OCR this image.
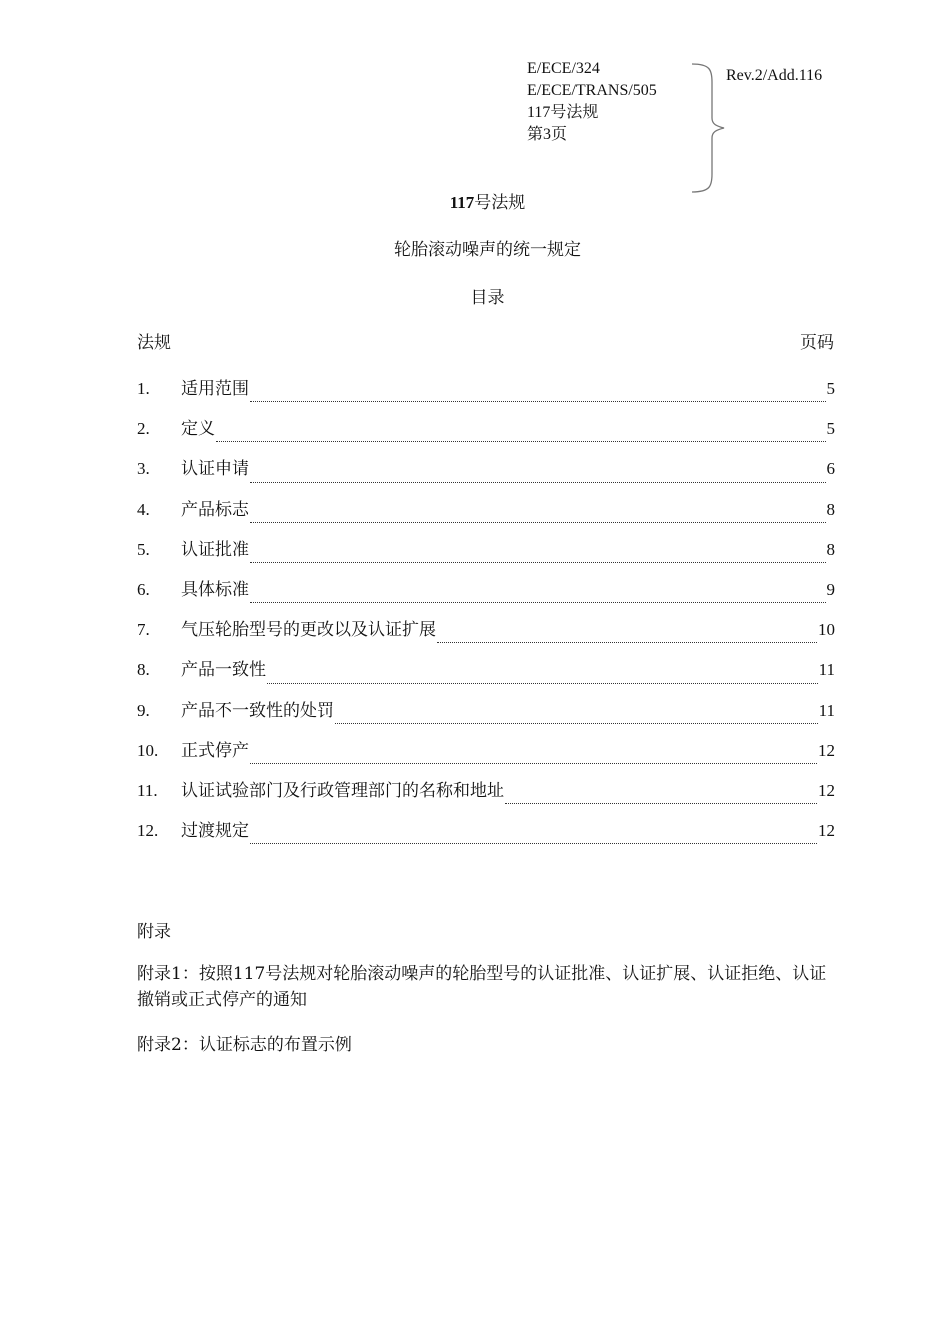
E/ECE/324
E/ECE/TRANS/505
117号法规
第3页
Rev.2/Add.116
117号法规
轮胎滚动噪声的统一规定
目录
法规	页码
1.	适用范围	5
2.	定义	5
3.	认证申请	6
4.	产品标志	8
5.	认证批准	8
6.	具体标准	9
7.	气压轮胎型号的更改以及认证扩展	10
8.	产品一致性	11
9.	产品不一致性的处罚	11
10.	正式停产	12
11.	认证试验部门及行政管理部门的名称和地址	12
12.	过渡规定	12
附录
附录1：按照117号法规对轮胎滚动噪声的轮胎型号的认证批准、认证扩展、认证拒绝、认证撤销或正式停产的通知
附录2：认证标志的布置示例
